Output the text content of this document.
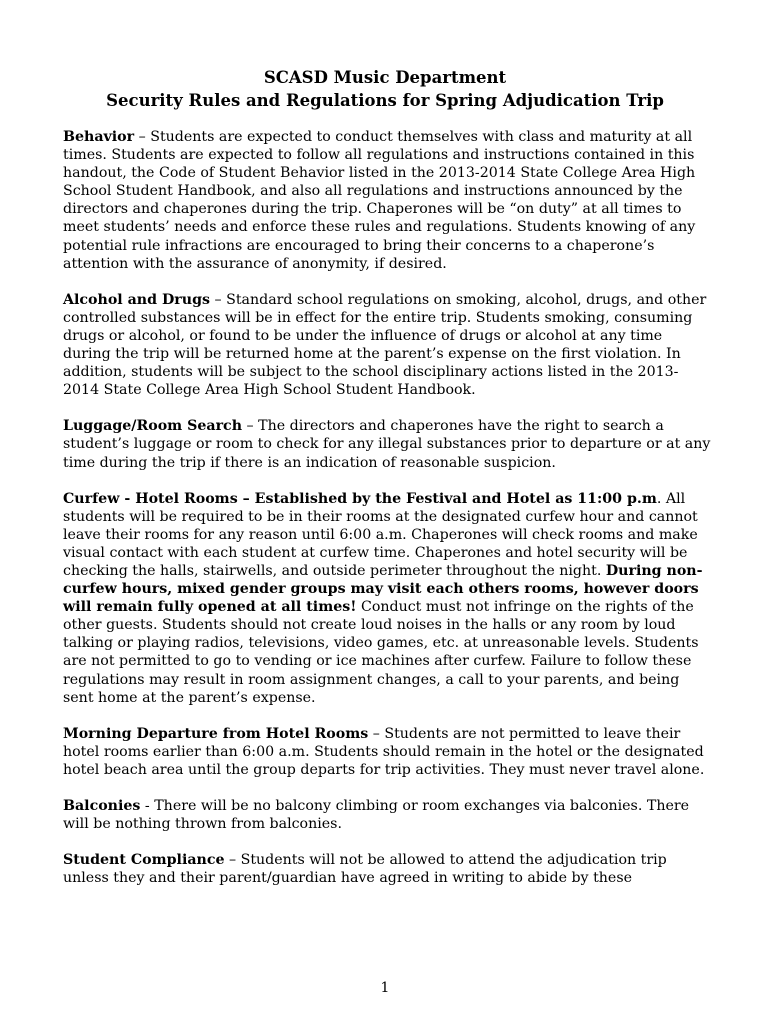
SCASD Music Department
Security Rules and Regulations for Spring Adjudication Trip

Behavior – Students are expected to conduct themselves with class and maturity at all times. Students are expected to follow all regulations and instructions contained in this handout, the Code of Student Behavior listed in the 2013-2014 State College Area High School Student Handbook, and also all regulations and instructions announced by the directors and chaperones during the trip. Chaperones will be “on duty” at all times to meet students’ needs and enforce these rules and regulations. Students knowing of any potential rule infractions are encouraged to bring their concerns to a chaperone’s attention with the assurance of anonymity, if desired.

Alcohol and Drugs – Standard school regulations on smoking, alcohol, drugs, and other controlled substances will be in effect for the entire trip. Students smoking, consuming drugs or alcohol, or found to be under the influence of drugs or alcohol at any time during the trip will be returned home at the parent’s expense on the first violation. In addition, students will be subject to the school disciplinary actions listed in the 2013-2014 State College Area High School Student Handbook.

Luggage/Room Search – The directors and chaperones have the right to search a student’s luggage or room to check for any illegal substances prior to departure or at any time during the trip if there is an indication of reasonable suspicion.

Curfew - Hotel Rooms – Established by the Festival and Hotel as 11:00 p.m. All students will be required to be in their rooms at the designated curfew hour and cannot leave their rooms for any reason until 6:00 a.m. Chaperones will check rooms and make visual contact with each student at curfew time. Chaperones and hotel security will be checking the halls, stairwells, and outside perimeter throughout the night. During non-curfew hours, mixed gender groups may visit each others rooms, however doors will remain fully opened at all times! Conduct must not infringe on the rights of the other guests. Students should not create loud noises in the halls or any room by loud talking or playing radios, televisions, video games, etc. at unreasonable levels. Students are not permitted to go to vending or ice machines after curfew. Failure to follow these regulations may result in room assignment changes, a call to your parents, and being sent home at the parent’s expense.

Morning Departure from Hotel Rooms – Students are not permitted to leave their hotel rooms earlier than 6:00 a.m. Students should remain in the hotel or the designated hotel beach area until the group departs for trip activities. They must never travel alone.

Balconies - There will be no balcony climbing or room exchanges via balconies. There will be nothing thrown from balconies.

Student Compliance – Students will not be allowed to attend the adjudication trip unless they and their parent/guardian have agreed in writing to abide by these

1
